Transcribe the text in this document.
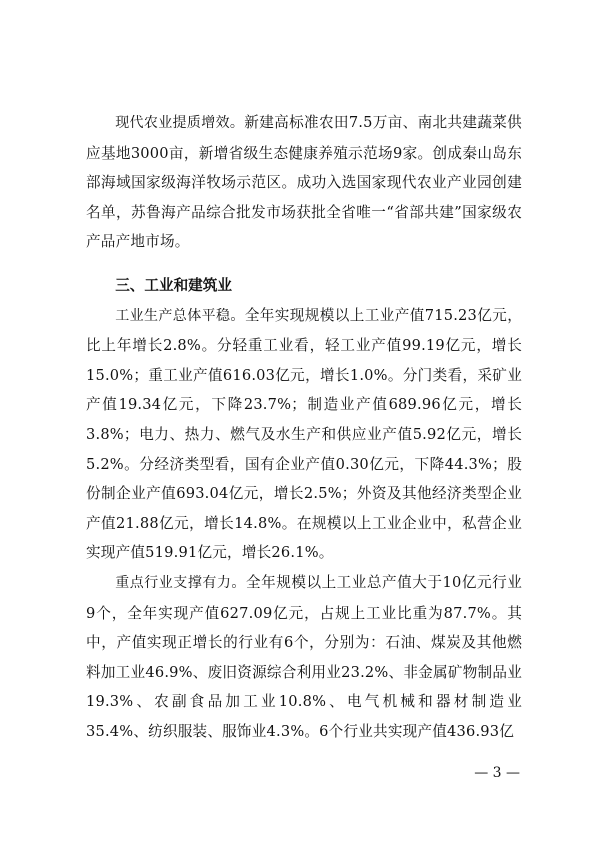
现代农业提质增效。新建高标准农田7.5万亩、南北共建蔬菜供应基地3000亩，新增省级生态健康养殖示范场9家。创成秦山岛东部海域国家级海洋牧场示范区。成功入选国家现代农业产业园创建名单，苏鲁海产品综合批发市场获批全省唯一“省部共建”国家级农产品产地市场。

三、工业和建筑业

工业生产总体平稳。全年实现规模以上工业产值715.23亿元，比上年增长2.8%。分轻重工业看，轻工业产值99.19亿元，增长15.0%；重工业产值616.03亿元，增长1.0%。分门类看，采矿业产值19.34亿元，下降23.7%；制造业产值689.96亿元，增长3.8%；电力、热力、燃气及水生产和供应业产值5.92亿元，增长5.2%。分经济类型看，国有企业产值0.30亿元，下降44.3%；股份制企业产值693.04亿元，增长2.5%；外资及其他经济类型企业产值21.88亿元，增长14.8%。在规模以上工业企业中，私营企业实现产值519.91亿元，增长26.1%。

重点行业支撑有力。全年规模以上工业总产值大于10亿元行业9个，全年实现产值627.09亿元，占规上工业比重为87.7%。其中，产值实现正增长的行业有6个，分别为：石油、煤炭及其他燃料加工业46.9%、废旧资源综合利用业23.2%、非金属矿物制品业19.3%、农副食品加工业10.8%、电气机械和器材制造业35.4%、纺织服装、服饰业4.3%。6个行业共实现产值436.93亿

— 3 —
